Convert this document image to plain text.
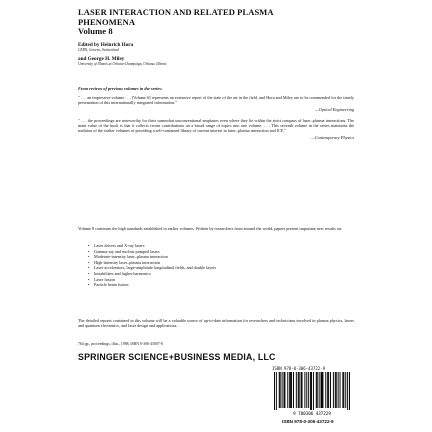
LASER INTERACTION AND RELATED PLASMA
PHENOMENA
Volume 8
Edited by Heinrich Hora
CERN, Geneva, Switzerland
and George H. Miley
University of Illinois at Urbana-Champaign, Urbana, Illinois
From reviews of previous volumes in the series:
" . . . an impressive volume . . . [Volume 6] represents an extensive report of the state of the art in the field, and Hora and Miley are to be commended for the timely presentation of this internationally integrated information."
—Optical Engineering
" . . . the proceedings are noteworthy for their somewhat unconventional emphases even where they lie within the strict compass of laser–plasma interactions. The main value of the book is that it collects recent contributions on a broad range of topics into one volume. . . . This seventh volume in the series maintains the tradition of the earlier volumes of providing a self-contained library of current interest in laser–plasma interaction and ICF."
—Contemporary Physics
Volume 8 continues the high standards established in earlier volumes. Written by researchers from around the world, papers present important new results on:
• Laser drivers and X-ray lasers
• Gamma-ray and nuclear pumped lasers
• Moderate-intensity laser–plasma interaction
• High-intensity laser–plasma interaction
• Laser accelerators, large-amplitude longitudinal fields, and double layers
• Instabilities and higher harmonics
• Laser fusion
• Particle beam fusion
The detailed reports contained in this volume will be a valuable source of up-to-date information for researchers and technicians involved in plasma physics, lasers and quantum electronics, and laser design and applications.
764 pp., proceedings, illus., 1988, ISBN 0-306-43007-8
SPRINGER SCIENCE+BUSINESS MEDIA, LLC
ISBN 978-0-306-43722-9
9 780306 437229
ISBN 978-0-306-43722-9
